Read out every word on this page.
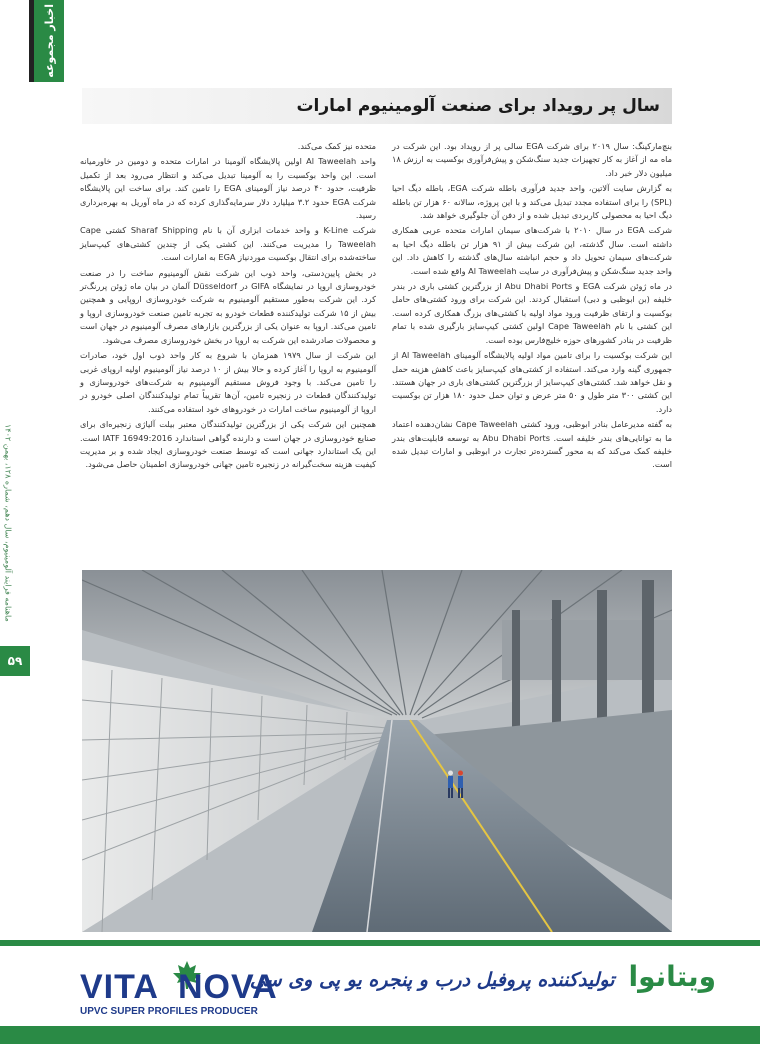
اخبار مجموعه
ماهنامه فرایند آلومینیوم، سال دهم، شماره ۱۲۸، بهمن ۱۴۰۲
۵۹
سال پر رویداد برای صنعت آلومینیوم امارات

بنچ‌مارکینگ: سال ۲۰۱۹ برای شرکت EGA سالی پر از رویداد بود. این شرکت در ماه مه از آغاز به کار تجهیزات جدید سنگ‌شکن و پیش‌فرآوری بوکسیت به ارزش ۱۸ میلیون دلار خبر داد.

به گزارش سایت آلاتین، واحد جدید فرآوری باطله شرکت EGA، باطله دیگ احیا (SPL) را برای استفاده مجدد تبدیل می‌کند و با این پروژه، سالانه ۶۰ هزار تن باطله دیگ احیا به محصولی کاربردی تبدیل شده و از دفن آن جلوگیری خواهد شد.

شرکت EGA در سال ۲۰۱۰ با شرکت‌های سیمان امارات متحده عربی همکاری داشته است. سال گذشته، این شرکت بیش از ۹۱ هزار تن باطله دیگ احیا به شرکت‌های سیمان تحویل داد و حجم انباشته سال‌های گذشته را کاهش داد. این واحد جدید سنگ‌شکن و پیش‌فرآوری در سایت Al Taweelah واقع شده است.

در ماه ژوئن شرکت EGA و Abu Dhabi Ports از بزرگترین کشتی باری در بندر خلیفه (بن ابوظبی و دبی) استقبال کردند. این شرکت برای ورود کشتی‌های حامل بوکسیت و ارتقای ظرفیت ورود مواد اولیه با کشتی‌های بزرگ همکاری کرده است. این کشتی با نام Cape Taweelah اولین کشتی کیپ‌سایز بارگیری شده با تمام ظرفیت در بنادر کشورهای حوزه خلیج‌فارس بوده است.

این شرکت بوکسیت را برای تامین مواد اولیه پالایشگاه آلومینای Al Taweelah از جمهوری گینه وارد می‌کند. استفاده از کشتی‌های کیپ‌سایز باعث کاهش هزینه حمل و نقل خواهد شد. کشتی‌های کیپ‌سایز از بزرگترین کشتی‌های باری در جهان هستند. این کشتی ۳۰۰ متر طول و ۵۰ متر عرض و توان حمل حدود ۱۸۰ هزار تن بوکسیت دارد.

به گفته مدیرعامل بنادر ابوظبی، ورود کشتی Cape Taweelah نشان‌دهنده اعتماد ما به توانایی‌های بندر خلیفه است. Abu Dhabi Ports به توسعه قابلیت‌های بندر خلیفه کمک می‌کند که به محور گسترده‌تر تجارت در ابوظبی و امارات تبدیل شده است.

متحده نیز کمک می‌کند.

واحد Al Taweelah اولین پالایشگاه آلومینا در امارات متحده و دومین در خاورمیانه است. این واحد بوکسیت را به آلومینا تبدیل می‌کند و انتظار می‌رود بعد از تکمیل ظرفیت، حدود ۴۰ درصد نیاز آلومینای EGA را تامین کند. برای ساخت این پالایشگاه شرکت EGA حدود ۳.۲ میلیارد دلار سرمایه‌گذاری کرده که در ماه آوریل به بهره‌برداری رسید.

شرکت K-Line و واحد خدمات ابزاری آن با نام Sharaf Shipping کشتی Cape Taweelah را مدیریت می‌کنند. این کشتی یکی از چندین کشتی‌های کیپ‌سایز ساخته‌شده برای انتقال بوکسیت موردنیاز EGA به امارات است.

در بخش پایین‌دستی، واحد ذوب این شرکت نقش آلومینیوم ساخت را در صنعت خودروسازی اروپا در نمایشگاه GIFA در Düsseldorf آلمان در بیان ماه ژوئن پررنگ‌تر کرد. این شرکت به‌طور مستقیم آلومینیوم به شرکت خودروسازی اروپایی و همچنین بیش از ۱۵ شرکت تولیدکننده قطعات خودرو به تجربه تامین صنعت خودروسازی اروپا و تامین می‌کند. اروپا به عنوان یکی از بزرگترین بازارهای مصرف آلومینیوم در جهان است و محصولات صادرشده این شرکت به اروپا در بخش خودروسازی مصرف می‌شود.

این شرکت از سال ۱۹۷۹ همزمان با شروع به کار واحد ذوب اول خود، صادرات آلومینیوم به اروپا را آغاز کرده و حالا بیش از ۱۰ درصد نیاز آلومینیوم اولیه اروپای غربی را تامین می‌کند. با وجود فروش مستقیم آلومینیوم به شرکت‌های خودروسازی و تولیدکنندگان قطعات در زنجیره تامین، آن‌ها تقریباً تمام تولیدکنندگان اصلی خودرو در اروپا از آلومینیوم ساخت امارات در خودروهای خود استفاده می‌کنند.

همچنین این شرکت یکی از بزرگترین تولیدکنندگان معتبر بیلت آلیاژی زنجیره‌ای برای صنایع خودروسازی در جهان است و دارنده گواهی استاندارد IATF 16949:2016 است. این یک استاندارد جهانی است که توسط صنعت خودروسازی ایجاد شده و بر مدیریت کیفیت هزینه سخت‌گیرانه در زنجیره تامین جهانی خودروسازی اطمینان حاصل می‌شود.

VITA NOVA
UPVC SUPER PROFILES PRODUCER
ویتانوا
تولیدکننده پروفیل درب و پنجره یو پی وی سی
